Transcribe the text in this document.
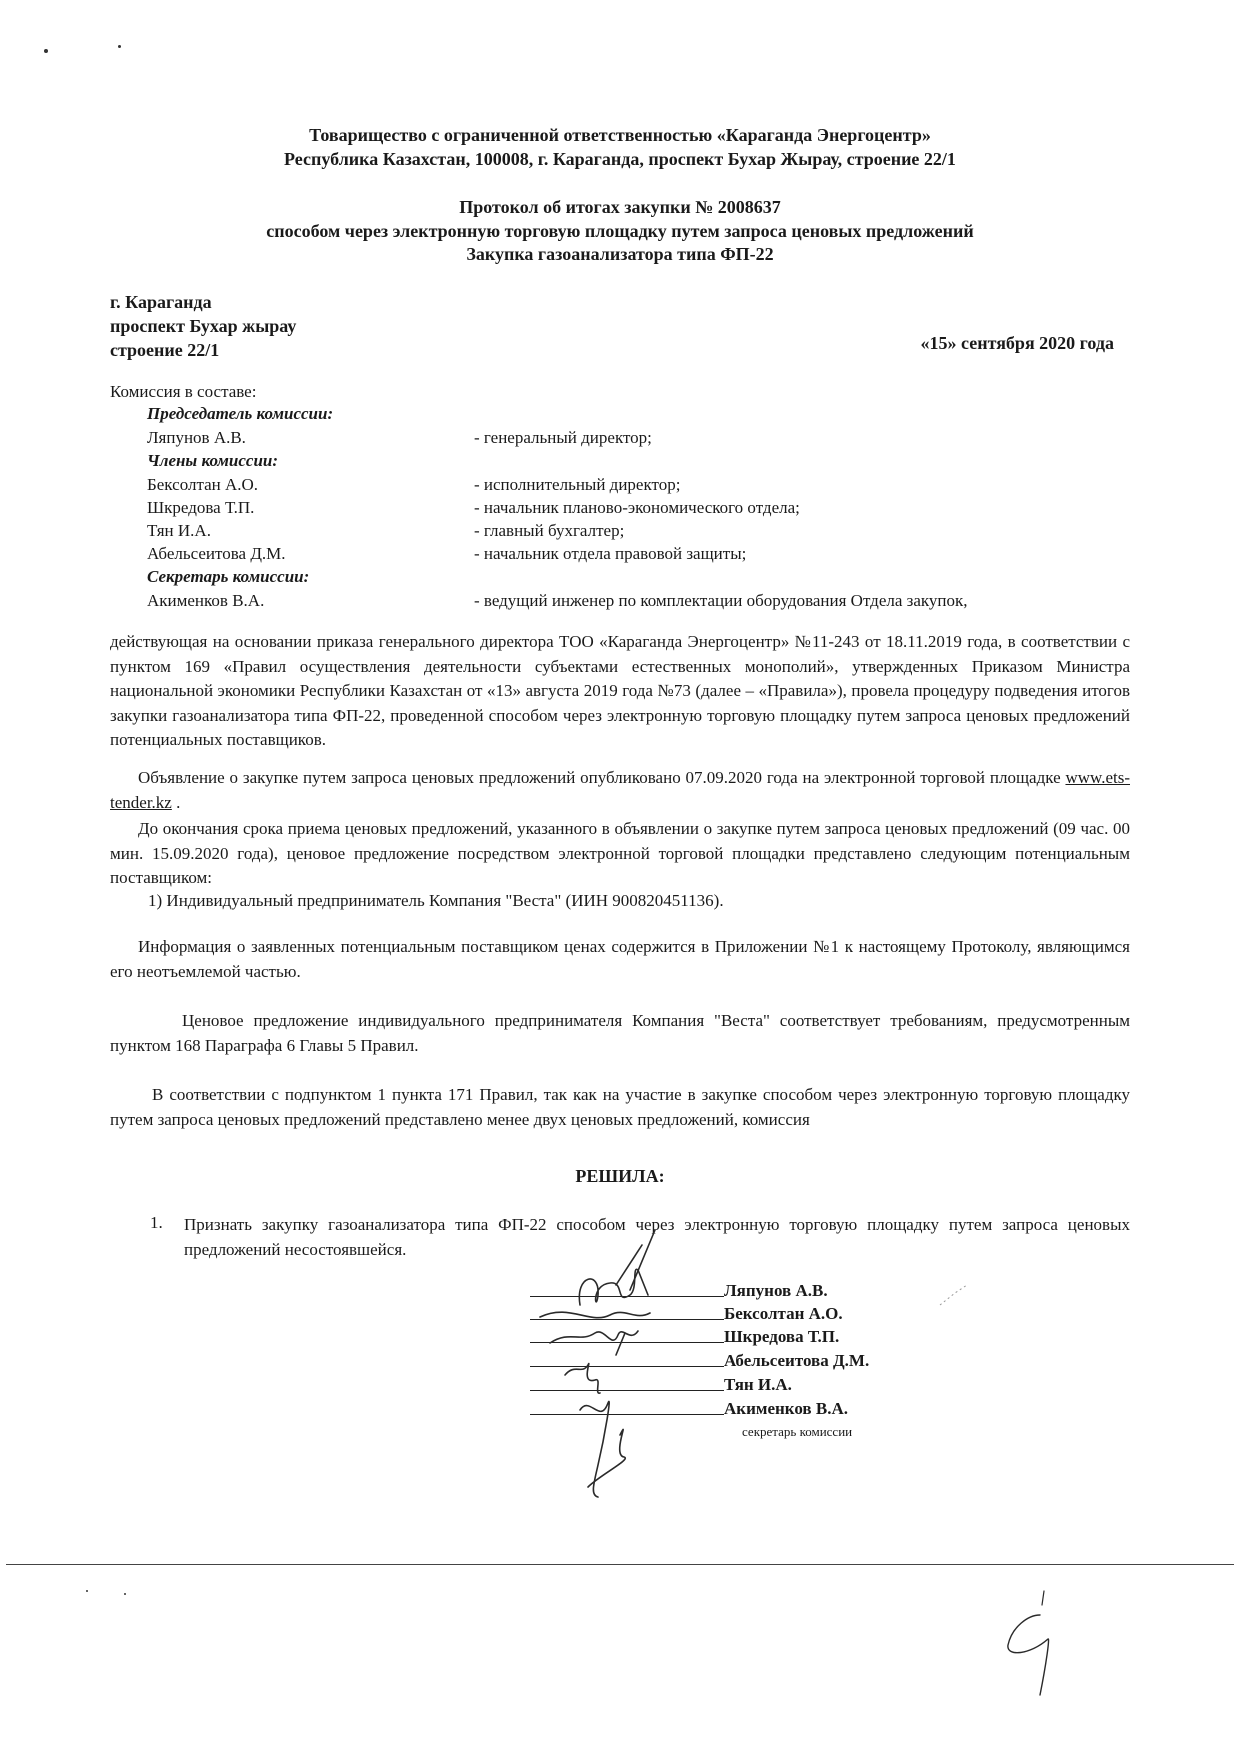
Товарищество с ограниченной ответственностью «Караганда Энергоцентр»
Республика Казахстан, 100008, г. Караганда, проспект Бухар Жырау, строение 22/1
Протокол об итогах закупки № 2008637
способом через электронную торговую площадку путем запроса ценовых предложений
Закупка газоанализатора типа ФП-22
г. Караганда
проспект Бухар жырау
строение 22/1	«15» сентября 2020 года
Комиссия в составе:
Председатель комиссии:
Ляпунов А.В.	- генеральный директор;
Члены комиссии:
Бексолтан А.О.	- исполнительный директор;
Шкредова Т.П.	- начальник планово-экономического отдела;
Тян И.А.	- главный бухгалтер;
Абельсеитова Д.М.	- начальник отдела правовой защиты;
Секретарь комиссии:
Акименков В.А.	- ведущий инженер по комплектации оборудования Отдела закупок,
действующая на основании приказа генерального директора ТОО «Караганда Энергоцентр» №11-243 от 18.11.2019 года, в соответствии с пунктом 169 «Правил осуществления деятельности субъектами естественных монополий», утвержденных Приказом Министра национальной экономики Республики Казахстан от «13» августа 2019 года №73 (далее – «Правила»), провела процедуру подведения итогов закупки газоанализатора типа ФП-22, проведенной способом через электронную торговую площадку путем запроса ценовых предложений потенциальных поставщиков.
Объявление о закупке путем запроса ценовых предложений опубликовано 07.09.2020 года на электронной торговой площадке www.ets-tender.kz .
До окончания срока приема ценовых предложений, указанного в объявлении о закупке путем запроса ценовых предложений (09 час. 00 мин. 15.09.2020 года), ценовое предложение посредством электронной торговой площадки представлено следующим потенциальным поставщиком:
1) Индивидуальный предприниматель Компания "Веста" (ИИН 900820451136).
Информация о заявленных потенциальным поставщиком ценах содержится в Приложении №1 к настоящему Протоколу, являющимся его неотъемлемой частью.
Ценовое предложение индивидуального предпринимателя Компания "Веста" соответствует требованиям, предусмотренным пунктом 168 Параграфа 6 Главы 5 Правил.
В соответствии с подпунктом 1 пункта 171 Правил, так как на участие в закупке способом через электронную торговую площадку путем запроса ценовых предложений представлено менее двух ценовых предложений, комиссия
РЕШИЛА:
1. Признать закупку газоанализатора типа ФП-22 способом через электронную торговую площадку путем запроса ценовых предложений несостоявшейся.
Ляпунов А.В.
Бексолтан А.О.
Шкредова Т.П.
Абельсеитова Д.М.
Тян И.А.
Акименков В.А.
секретарь комиссии
